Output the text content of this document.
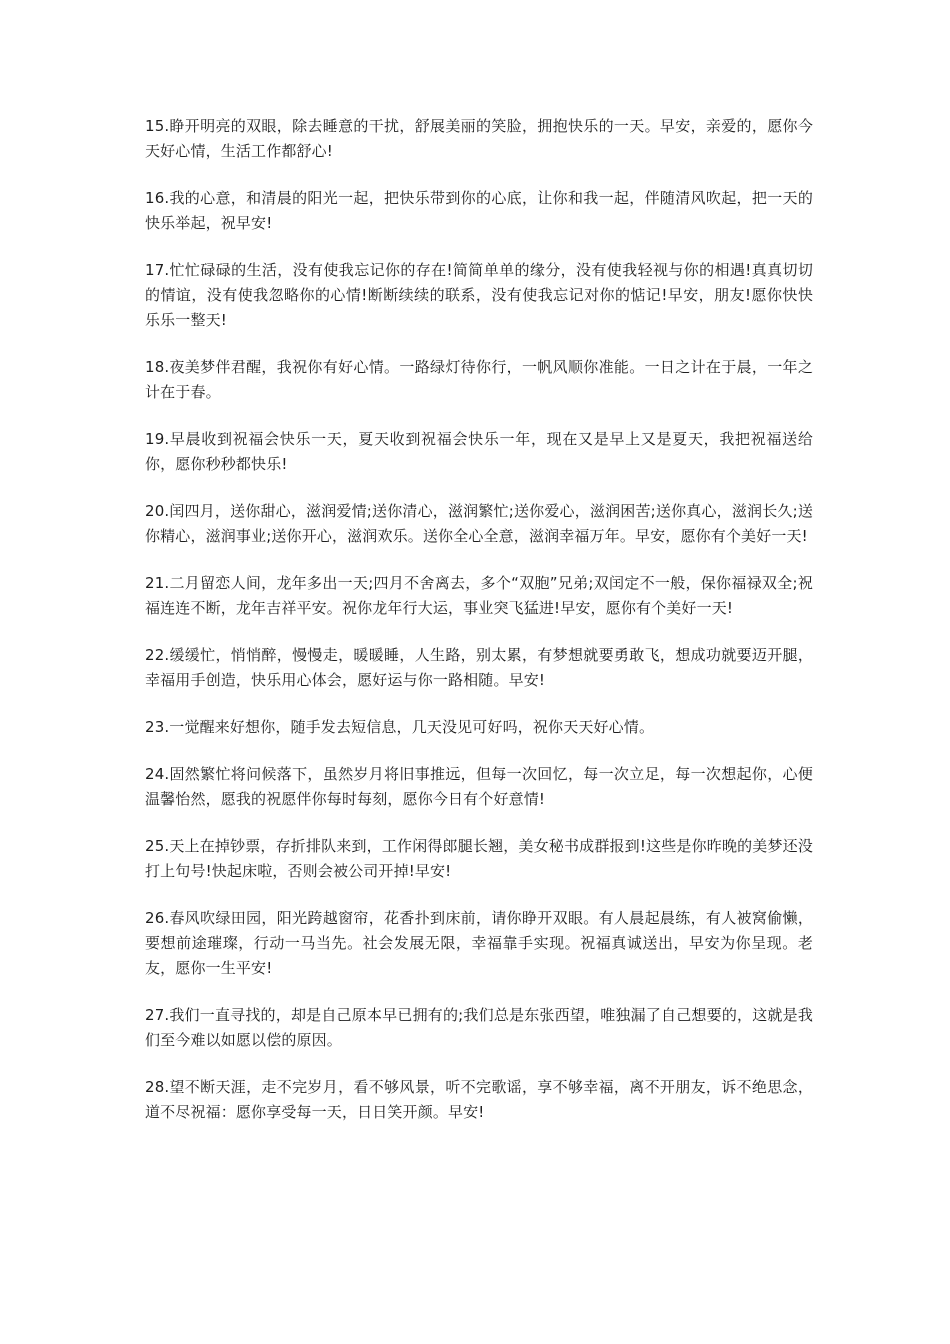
15.睁开明亮的双眼，除去睡意的干扰，舒展美丽的笑脸，拥抱快乐的一天。早安，亲爱的，愿你今天好心情，生活工作都舒心!

16.我的心意，和清晨的阳光一起，把快乐带到你的心底，让你和我一起，伴随清风吹起，把一天的快乐举起，祝早安!

17.忙忙碌碌的生活，没有使我忘记你的存在!简简单单的缘分，没有使我轻视与你的相遇!真真切切的情谊，没有使我忽略你的心情!断断续续的联系，没有使我忘记对你的惦记!早安，朋友!愿你快快乐乐一整天!

18.夜美梦伴君醒，我祝你有好心情。一路绿灯待你行，一帆风顺你准能。一日之计在于晨，一年之计在于春。

19.早晨收到祝福会快乐一天，夏天收到祝福会快乐一年，现在又是早上又是夏天，我把祝福送给你，愿你秒秒都快乐!

20.闰四月，送你甜心，滋润爱情;送你清心，滋润繁忙;送你爱心，滋润困苦;送你真心，滋润长久;送你精心，滋润事业;送你开心，滋润欢乐。送你全心全意，滋润幸福万年。早安，愿你有个美好一天!

21.二月留恋人间，龙年多出一天;四月不舍离去，多个“双胞”兄弟;双闰定不一般，保你福禄双全;祝福连连不断，龙年吉祥平安。祝你龙年行大运，事业突飞猛进!早安，愿你有个美好一天!

22.缓缓忙，悄悄醉，慢慢走，暖暖睡，人生路，别太累，有梦想就要勇敢飞，想成功就要迈开腿，幸福用手创造，快乐用心体会，愿好运与你一路相随。早安!

23.一觉醒来好想你，随手发去短信息，几天没见可好吗，祝你天天好心情。

24.固然繁忙将问候落下，虽然岁月将旧事推远，但每一次回忆，每一次立足，每一次想起你，心便温馨怡然，愿我的祝愿伴你每时每刻，愿你今日有个好意情!

25.天上在掉钞票，存折排队来到，工作闲得郎腿长翘，美女秘书成群报到!这些是你昨晚的美梦还没打上句号!快起床啦，否则会被公司开掉!早安!

26.春风吹绿田园，阳光跨越窗帘，花香扑到床前，请你睁开双眼。有人晨起晨练，有人被窝偷懒，要想前途璀璨，行动一马当先。社会发展无限，幸福靠手实现。祝福真诚送出，早安为你呈现。老友，愿你一生平安!

27.我们一直寻找的，却是自己原本早已拥有的;我们总是东张西望，唯独漏了自己想要的，这就是我们至今难以如愿以偿的原因。

28.望不断天涯，走不完岁月，看不够风景，听不完歌谣，享不够幸福，离不开朋友，诉不绝思念，道不尽祝福：愿你享受每一天，日日笑开颜。早安!
